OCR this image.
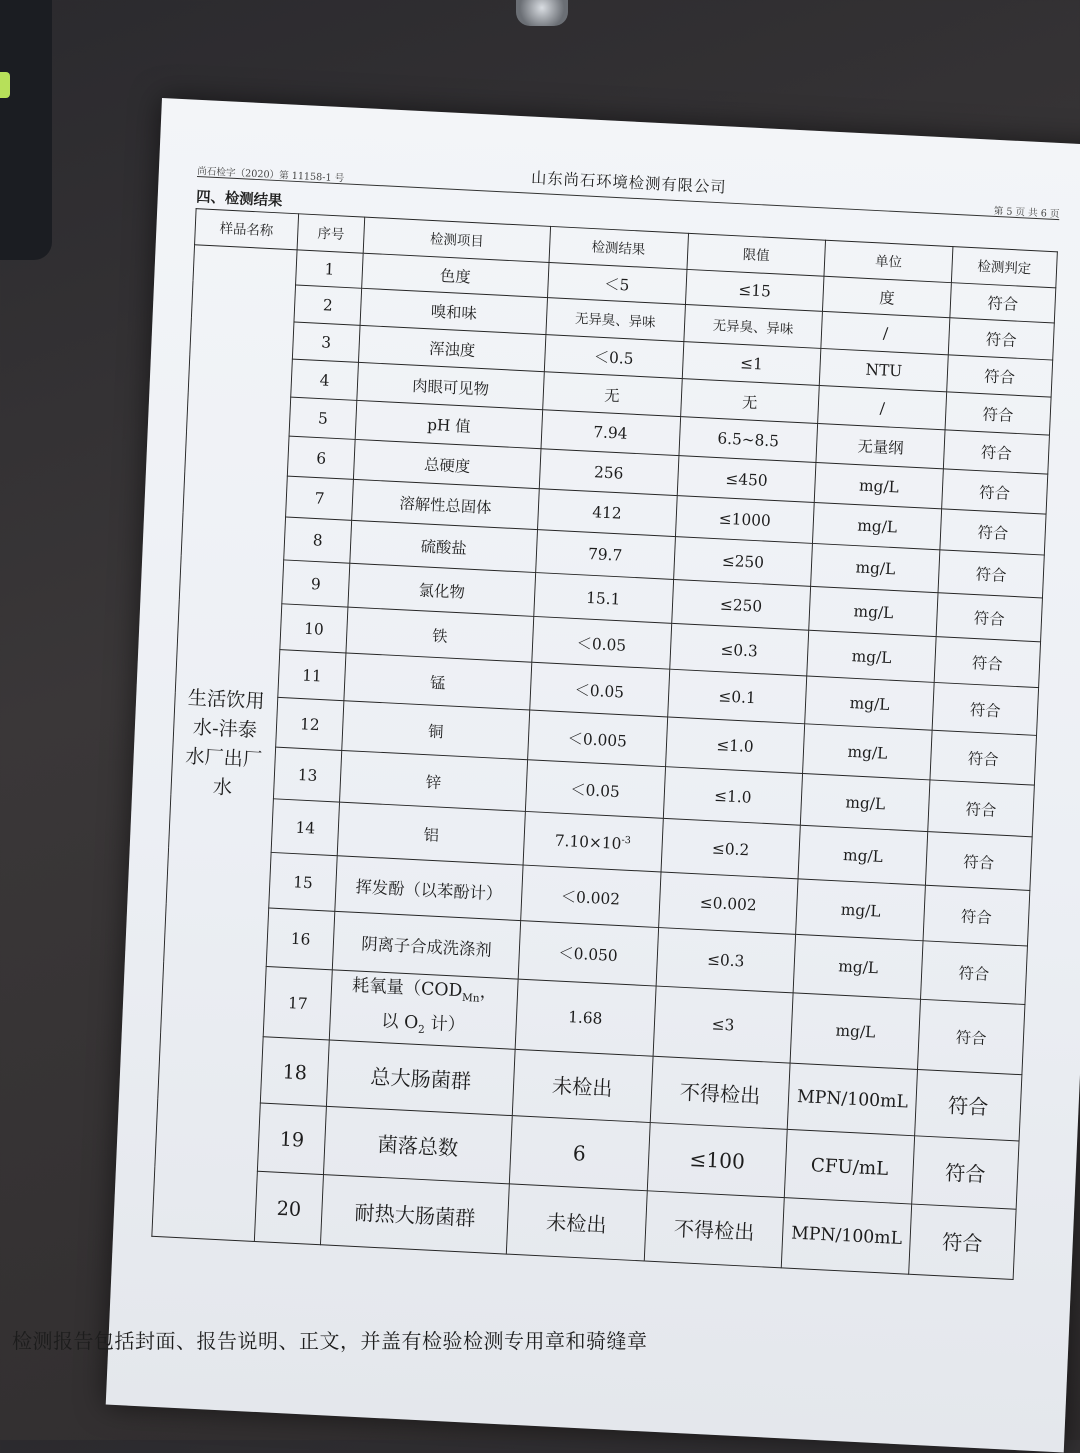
山东尚石环境检测有限公司
尚石检字（2020）第 11158-1 号
第 5 页 共 6 页
四、检测结果
样品名称	序号	检测项目	检测结果	限值	单位	检测判定
生活饮用水-沣泰水厂出厂水	1	色度	＜5	≤15	度	符合
	2	嗅和味	无异臭、异味	无异臭、异味	/	符合
	3	浑浊度	＜0.5	≤1	NTU	符合
	4	肉眼可见物	无	无	/	符合
	5	pH 值	7.94	6.5~8.5	无量纲	符合
	6	总硬度	256	≤450	mg/L	符合
	7	溶解性总固体	412	≤1000	mg/L	符合
	8	硫酸盐	79.7	≤250	mg/L	符合
	9	氯化物	15.1	≤250	mg/L	符合
	10	铁	＜0.05	≤0.3	mg/L	符合
	11	锰	＜0.05	≤0.1	mg/L	符合
	12	铜	＜0.005	≤1.0	mg/L	符合
	13	锌	＜0.05	≤1.0	mg/L	符合
	14	铝	$7.10\times 10^{-3}$	≤0.2	mg/L	符合
	15	挥发酚（以苯酚计）	＜0.002	≤0.002	mg/L	符合
	16	阴离子合成洗涤剂	＜0.050	≤0.3	mg/L	符合
	17	耗氧量（$COD_{Mn}$，
以 $O_2$ 计）	1.68	≤3	mg/L	符合
	18	总大肠菌群	未检出	不得检出	MPN/100mL	符合
	19	菌落总数	6	≤100	CFU/mL	符合
	20	耐热大肠菌群	未检出	不得检出	MPN/100mL	符合
检测报告包括封面、报告说明、正文，并盖有检验检测专用章和骑缝章
